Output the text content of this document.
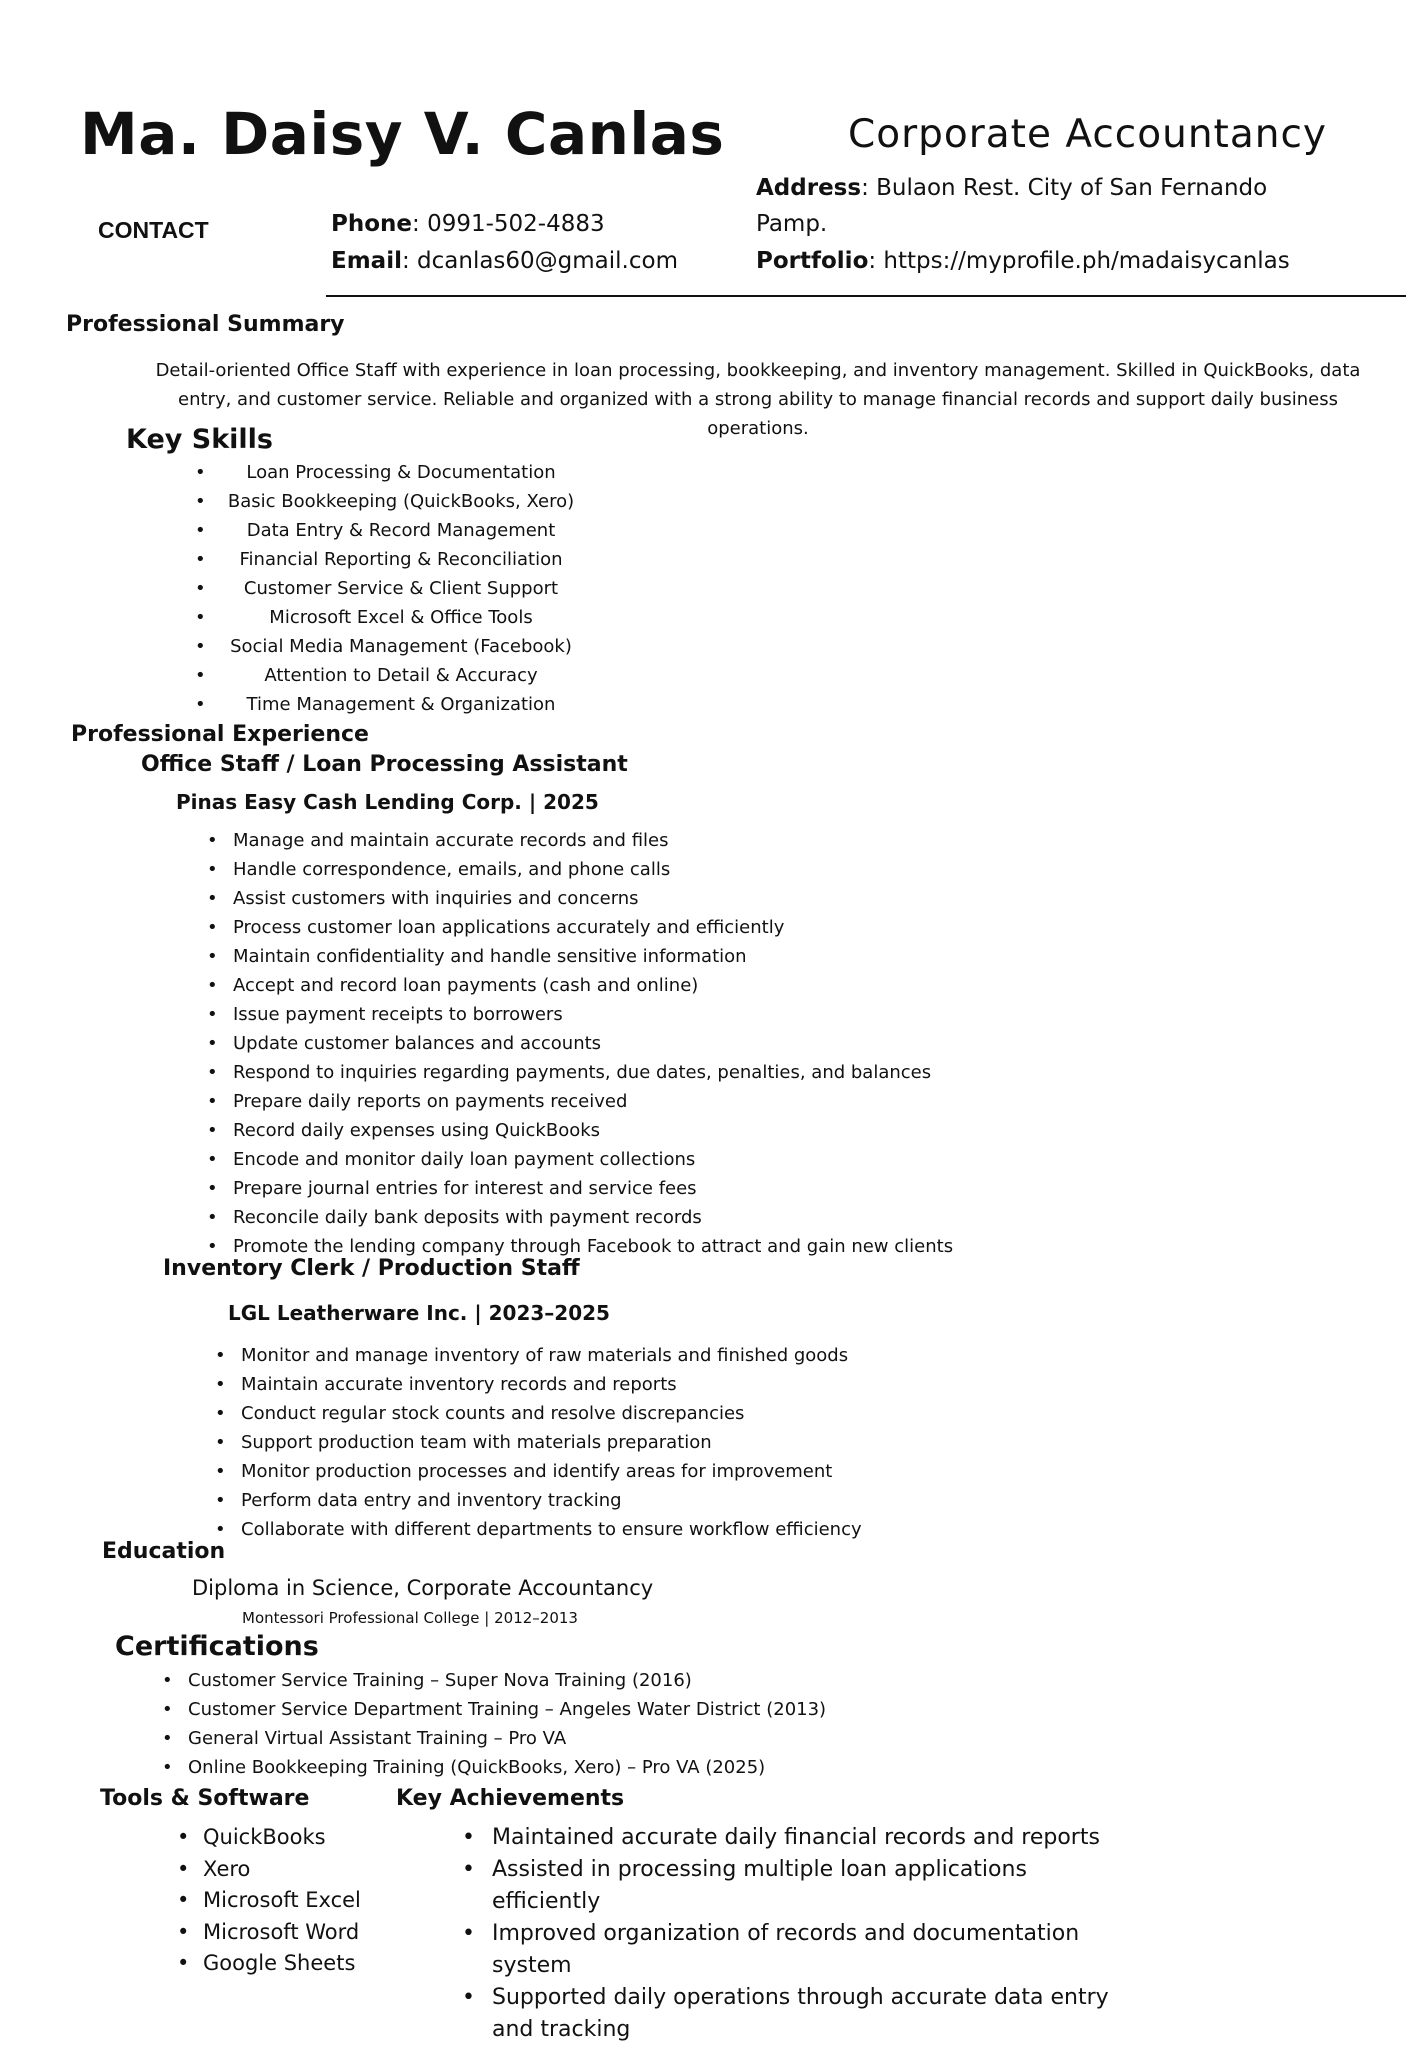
Ma. Daisy V. Canlas	Corporate Accountancy
CONTACT	Phone: 0991-502-4883
Email: dcanlas60@gmail.com
Address: Bulaon Rest. City of San Fernando
Pamp.
Portfolio: https://myprofile.ph/madaisycanlas
Professional Summary
Detail-oriented Office Staff with experience in loan processing, bookkeeping, and inventory management. Skilled in QuickBooks, data entry, and customer service. Reliable and organized with a strong ability to manage financial records and support daily business operations.
Key Skills
• Loan Processing & Documentation
• Basic Bookkeeping (QuickBooks, Xero)
• Data Entry & Record Management
• Financial Reporting & Reconciliation
• Customer Service & Client Support
• Microsoft Excel & Office Tools
• Social Media Management (Facebook)
• Attention to Detail & Accuracy
• Time Management & Organization
Professional Experience
Office Staff / Loan Processing Assistant
Pinas Easy Cash Lending Corp. | 2025
• Manage and maintain accurate records and files
• Handle correspondence, emails, and phone calls
• Assist customers with inquiries and concerns
• Process customer loan applications accurately and efficiently
• Maintain confidentiality and handle sensitive information
• Accept and record loan payments (cash and online)
• Issue payment receipts to borrowers
• Update customer balances and accounts
• Respond to inquiries regarding payments, due dates, penalties, and balances
• Prepare daily reports on payments received
• Record daily expenses using QuickBooks
• Encode and monitor daily loan payment collections
• Prepare journal entries for interest and service fees
• Reconcile daily bank deposits with payment records
• Promote the lending company through Facebook to attract and gain new clients
Inventory Clerk / Production Staff
LGL Leatherware Inc. | 2023–2025
• Monitor and manage inventory of raw materials and finished goods
• Maintain accurate inventory records and reports
• Conduct regular stock counts and resolve discrepancies
• Support production team with materials preparation
• Monitor production processes and identify areas for improvement
• Perform data entry and inventory tracking
• Collaborate with different departments to ensure workflow efficiency
Education
Diploma in Science, Corporate Accountancy
Montessori Professional College | 2012–2013
Certifications
• Customer Service Training – Super Nova Training (2016)
• Customer Service Department Training – Angeles Water District (2013)
• General Virtual Assistant Training – Pro VA
• Online Bookkeeping Training (QuickBooks, Xero) – Pro VA (2025)
Tools & Software
• QuickBooks
• Xero
• Microsoft Excel
• Microsoft Word
• Google Sheets
Key Achievements
• Maintained accurate daily financial records and reports
• Assisted in processing multiple loan applications efficiently
• Improved organization of records and documentation system
• Supported daily operations through accurate data entry and tracking
